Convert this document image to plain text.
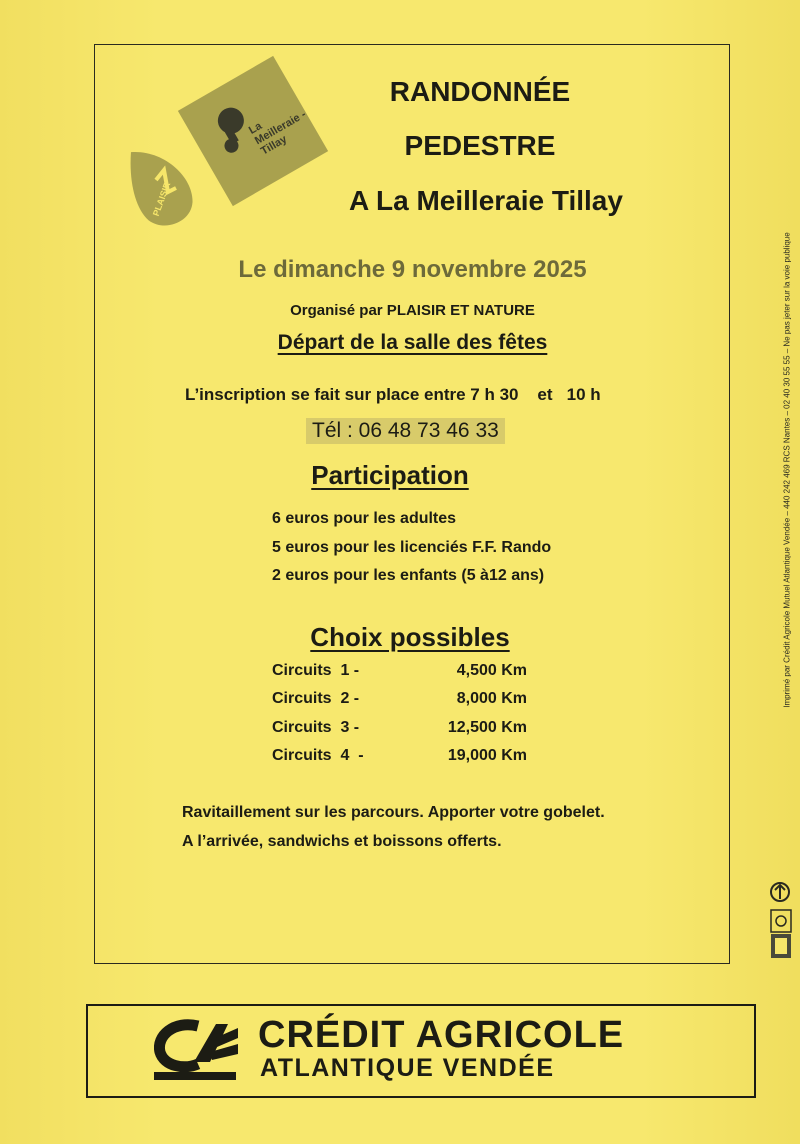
La Meilleraie -Tillay
PLAISIR
RANDONNÉE
PEDESTRE
A La Meilleraie Tillay
Le dimanche 9 novembre 2025
Organisé par PLAISIR ET NATURE
Départ de la salle des fêtes
L’inscription se fait sur place entre 7 h 30    et   10 h
Tél : 06 48 73 46 33
Participation
6 euros pour les adultes
5 euros pour les licenciés F.F. Rando
2 euros pour les enfants (5 à12 ans)
Choix possibles
Circuits  1 -	4,500 Km
Circuits  2 -	8,000 Km
Circuits  3 -	12,500 Km
Circuits  4  -	19,000 Km
Ravitaillement sur les parcours. Apporter votre gobelet.
A l’arrivée, sandwichs et boissons offerts.
Imprimé par Crédit Agricole Mutuel Atlantique Vendée – 440 242 469 RCS Nantes – 02 40 30 55 55 – Ne pas jeter sur la voie publique
CRÉDIT AGRICOLE
ATLANTIQUE VENDÉE
